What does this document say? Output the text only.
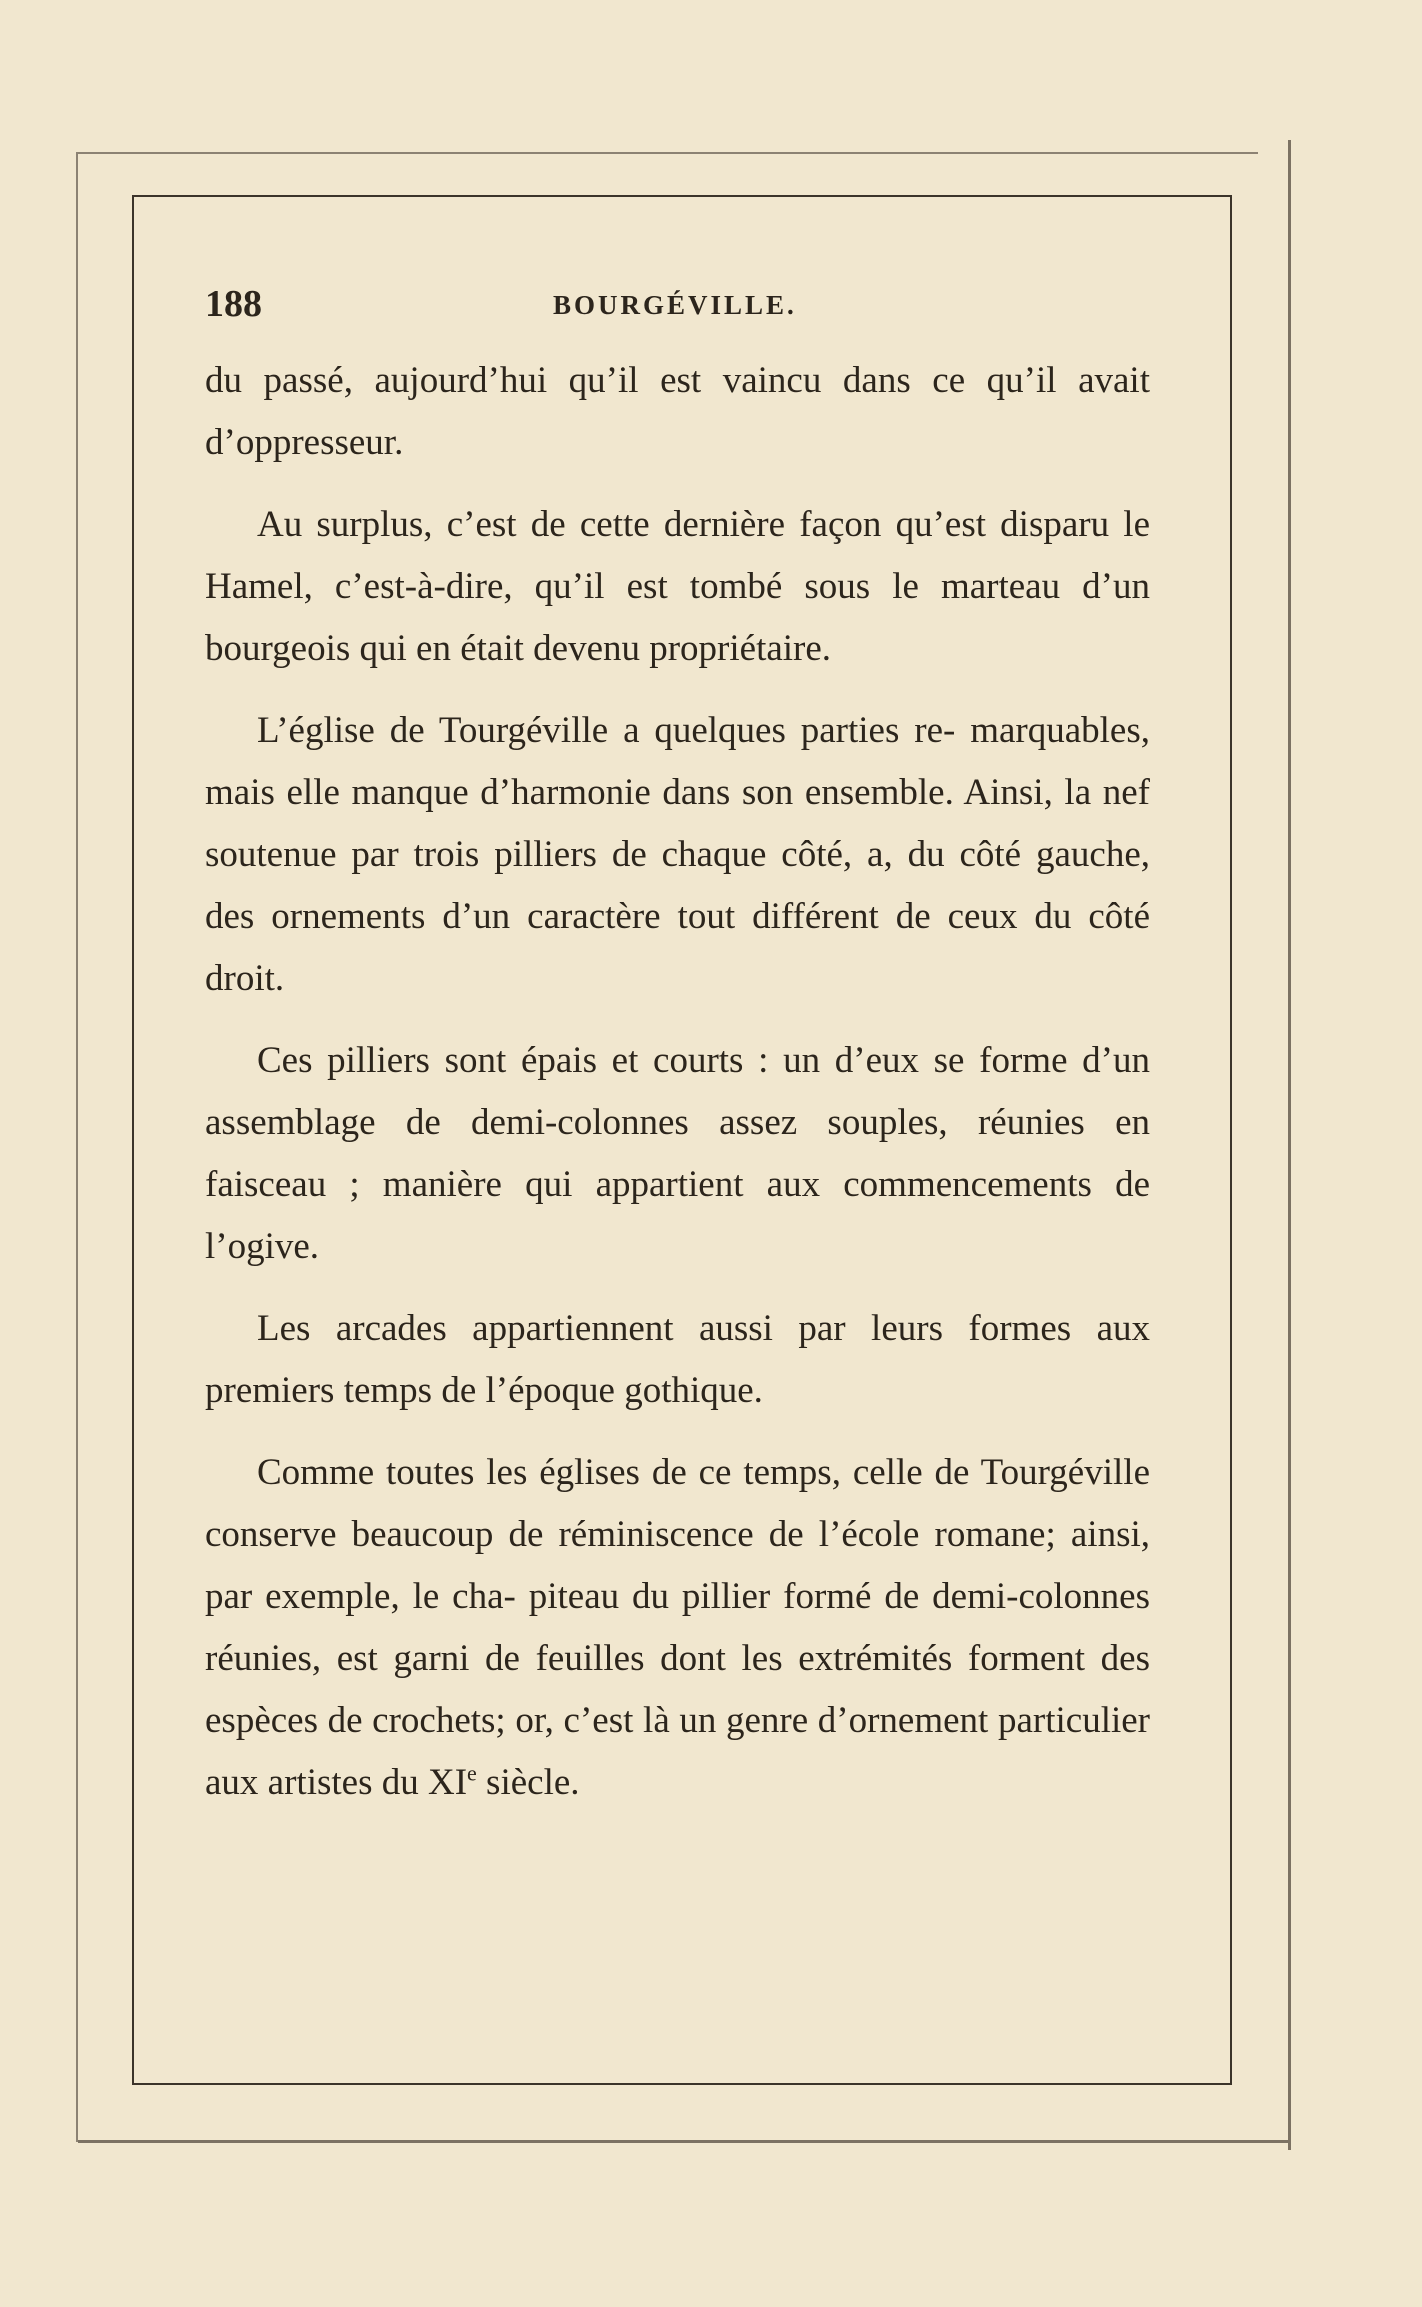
188	BOURGÉVILLE.

du passé, aujourd’hui qu’il est vaincu dans ce qu’il avait d’oppresseur.

Au surplus, c’est de cette dernière façon qu’est disparu le Hamel, c’est-à-dire, qu’il est tombé sous le marteau d’un bourgeois qui en était devenu propriétaire.

L’église de Tourgéville a quelques parties re- marquables, mais elle manque d’harmonie dans son ensemble. Ainsi, la nef soutenue par trois pilliers de chaque côté, a, du côté gauche, des ornements d’un caractère tout différent de ceux du côté droit.

Ces pilliers sont épais et courts : un d’eux se forme d’un assemblage de demi-colonnes assez souples, réunies en faisceau ; manière qui appartient aux commencements de l’ogive.

Les arcades appartiennent aussi par leurs formes aux premiers temps de l’époque gothique.

Comme toutes les églises de ce temps, celle de Tourgéville conserve beaucoup de réminiscence de l’école romane; ainsi, par exemple, le cha- piteau du pillier formé de demi-colonnes réunies, est garni de feuilles dont les extrémités forment des espèces de crochets; or, c’est là un genre d’ornement particulier aux artistes du XIe siècle.
